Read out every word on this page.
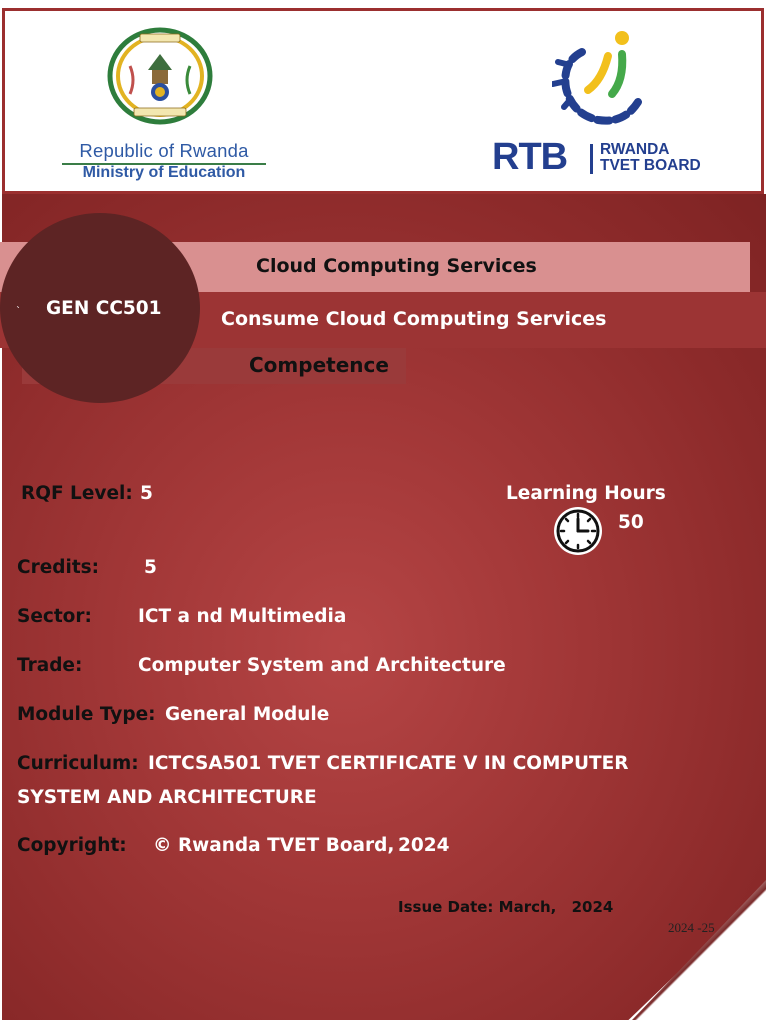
Republic of Rwanda
Ministry of Education	RTB RWANDA
TVET BOARD
Cloud Computing Services
Consume Cloud Computing Services
Competence
` GEN CC501
RQF Level: 5	Learning Hours
50
Credits: 5
Sector: ICT a nd Multimedia
Trade:	Computer System and Architecture
Module Type: General Module
Curriculum: ICTCSA501 TVET CERTIFICATE V IN COMPUTER
SYSTEM AND ARCHITECTURE
Copyright: © Rwanda TVET Board, 2024
Issue Date: March, 2024
2024 -25
